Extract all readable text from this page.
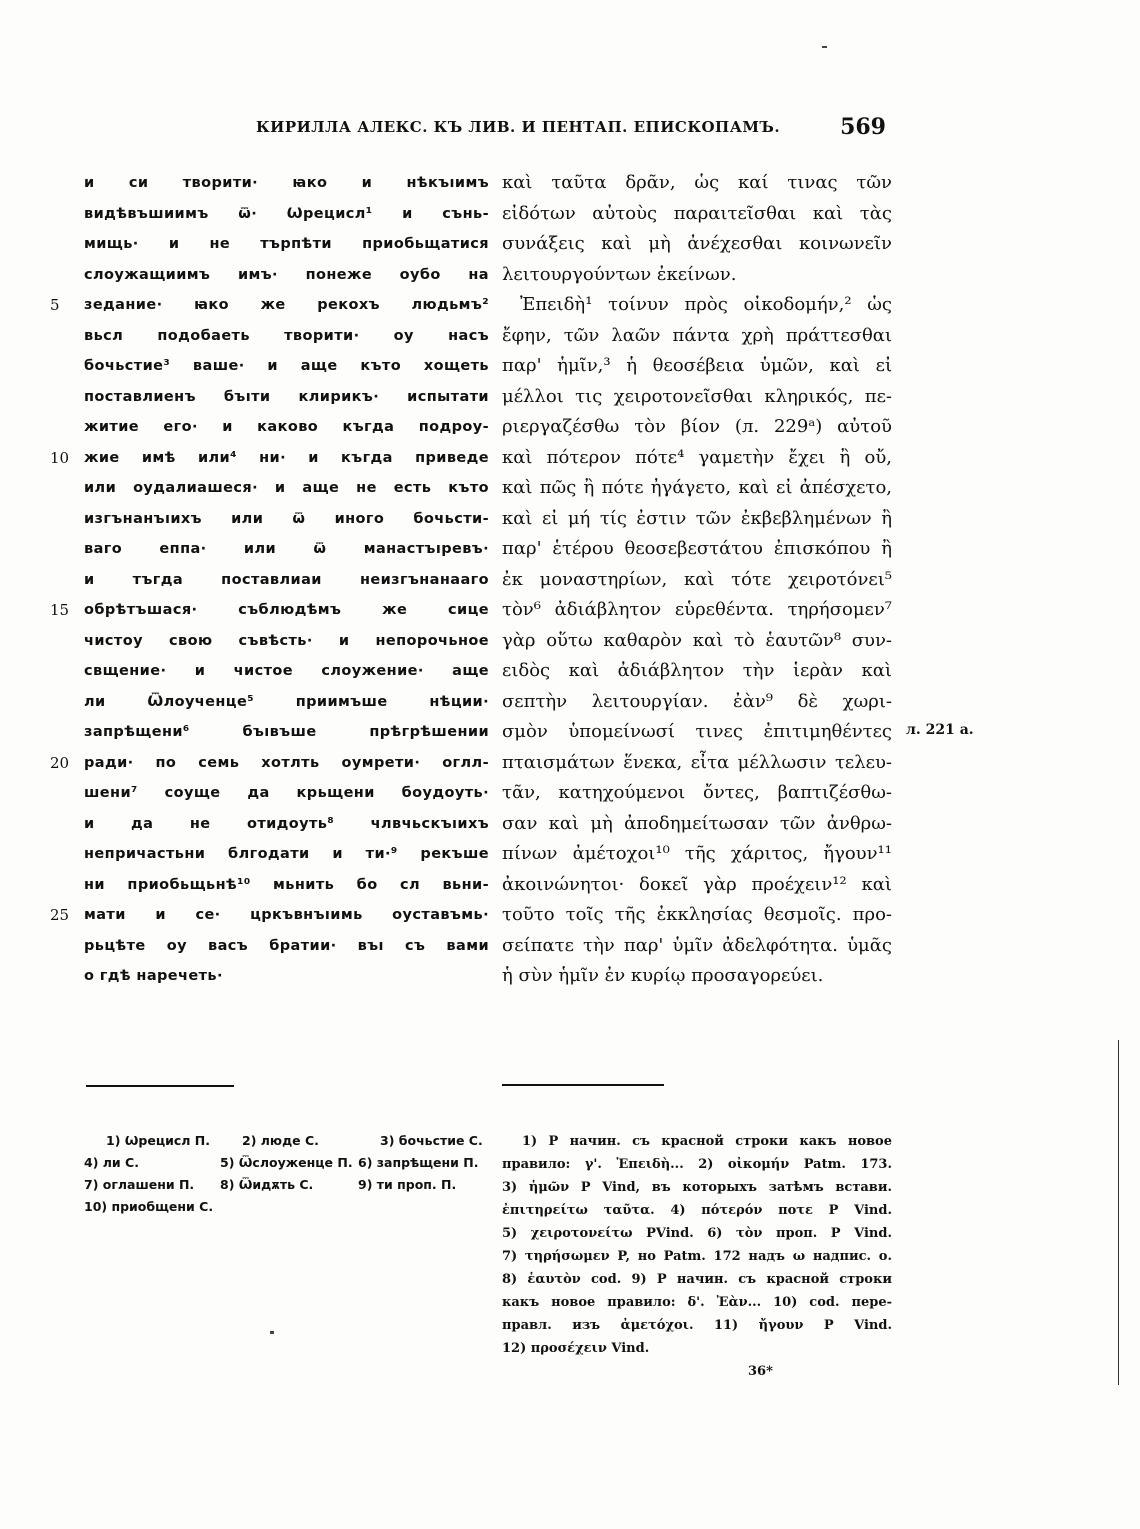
КИРИЛЛА АЛЕКС. КЪ ЛИВ. И ПЕНТАП. ЕПИСКОПАМЪ.	569
и си творити· ꙗко и нѣкъıимъ
видѣвъшиимъ ѿ· Ѡрецисл¹ и сънь-
мищь· и не търпѣти приобьщатися
слоужащиимъ имъ· понеже оубо на
5	зедание· ꙗко же рекохъ людьмъ²
вьсл подобаеть творити· оу насъ
бочьстие³ ваше· и аще къто хощеть
поставлиенъ бъıти клирикъ· испытати
житие его· и каково къгда подроу-
10	жие имѣ или⁴ ни· и къгда приведе
или оудалиашеся· и аще не есть къто
изгънанъıихъ или ѿ иного бочьсти-
ваго еппа· или ѿ манастъıревъ·
и тъгда поставлиаи неизгънанааго
15	обрѣтъшася· съблюдѣмъ же сице
чистоу свою съвѣсть· и непорочьное
свщение· и чистое слоужение· аще
ли Ѿлоученце⁵ приимъше нѣции·
запрѣщени⁶ бъıвъше прѣгрѣшении
20	ради· по семь хотлть оумрети· оглл-
шени⁷ соуще да крьщени боудоуть·
и да не отидоуть⁸ члвчьскъıихъ
непричастьни блгодати и ти·⁹ рекъше
ни приобьщьнѣ¹⁰ мьнить бо сл вьни-
25	мати и се· цркъвнъıимь оуставъмь·
рьцѣте оу васъ братии· въı съ вами
о гдѣ наречеть·
καὶ ταῦτα δρᾶν, ὡς καί τινας τῶν
εἰδότων αὐτοὺς παραιτεῖσθαι καὶ τὰς
συνάξεις καὶ μὴ ἀνέχεσθαι κοινωνεῖν
λειτουργούντων ἐκείνων.
Ἐπειδὴ¹ τοίνυν πρὸς οἰκοδομήν,² ὡς
ἔφην, τῶν λαῶν πάντα χρὴ πράττεσθαι
παρ' ἡμῖν,³ ἡ θεοσέβεια ὑμῶν, καὶ εἰ
μέλλοι τις χειροτονεῖσθαι κληρικός, πε-
ριεργαζέσθω τὸν βίον (л. 229ᵃ) αὐτοῦ
καὶ πότερον πότε⁴ γαμετὴν ἔχει ἢ οὔ,
καὶ πῶς ἢ πότε ἠγάγετο, καὶ εἰ ἀπέσχετο,
καὶ εἰ μή τίς ἐστιν τῶν ἐκβεβλημένων ἢ
παρ' ἑτέρου θεοσεβεστάτου ἐπισκόπου ἢ
ἐκ μοναστηρίων, καὶ τότε χειροτόνει⁵
τὸν⁶ ἀδιάβλητον εὑρεθέντα. τηρήσομεν⁷
γὰρ οὕτω καθαρὸν καὶ τὸ ἑαυτῶν⁸ συν-
ειδὸς καὶ ἀδιάβλητον τὴν ἱερὰν καὶ
σεπτὴν λειτουργίαν. ἐὰν⁹ δὲ χωρι-
σμὸν ὑπομείνωσί τινες ἐπιτιμηθέντες
πταισμάτων ἕνεκα, εἶτα μέλλωσιν τελευ-
τᾶν, κατηχούμενοι ὄντες, βαπτιζέσθω-
σαν καὶ μὴ ἀποδημείτωσαν τῶν ἀνθρω-
πίνων ἀμέτοχοι¹⁰ τῆς χάριτος, ἤγουν¹¹
ἀκοινώνητοι· δοκεῖ γὰρ προέχειν¹² καὶ
τοῦτο τοῖς τῆς ἐκκλησίας θεσμοῖς. προ-
σείπατε τὴν παρ' ὑμῖν ἀδελφότητα. ὑμᾶς
ἡ σὺν ἡμῖν ἐν κυρίῳ προσαγορεύει.
л. 221 а.
1) Ѡрецисл П.	2) люде С.	3) бочьстие С.
4) ли С.	5) Ѿслоуженце П. 6) запрѣщени П.
7) оглашени П. 8) Ѿидѫть С.	9) ти проп. П.
10) приобщени С.
1) P начин. съ красной строки какъ новое
правило: γ'. Ἐπειδὴ... 2) οἰκομήν Patm. 173.
3) ἡμῶν P Vind, въ которыхъ затѣмъ встави.
ἐπιτηρείτω ταῦτα. 4) πότερόν ποτε P Vind.
5) χειροτονείτω PVind. 6) τὸν проп. P Vind.
7) τηρήσωμεν P, но Patm. 172 надъ ω надпис. ο.
8) ἑαυτὸν cod. 9) P начин. съ красной строки
какъ новое правило: δ'. Ἐὰν... 10) cod. пере-
правл. изъ ἀμετόχοι. 11) ἤγουν P Vind.
12) προσέχειν Vind.
36*
